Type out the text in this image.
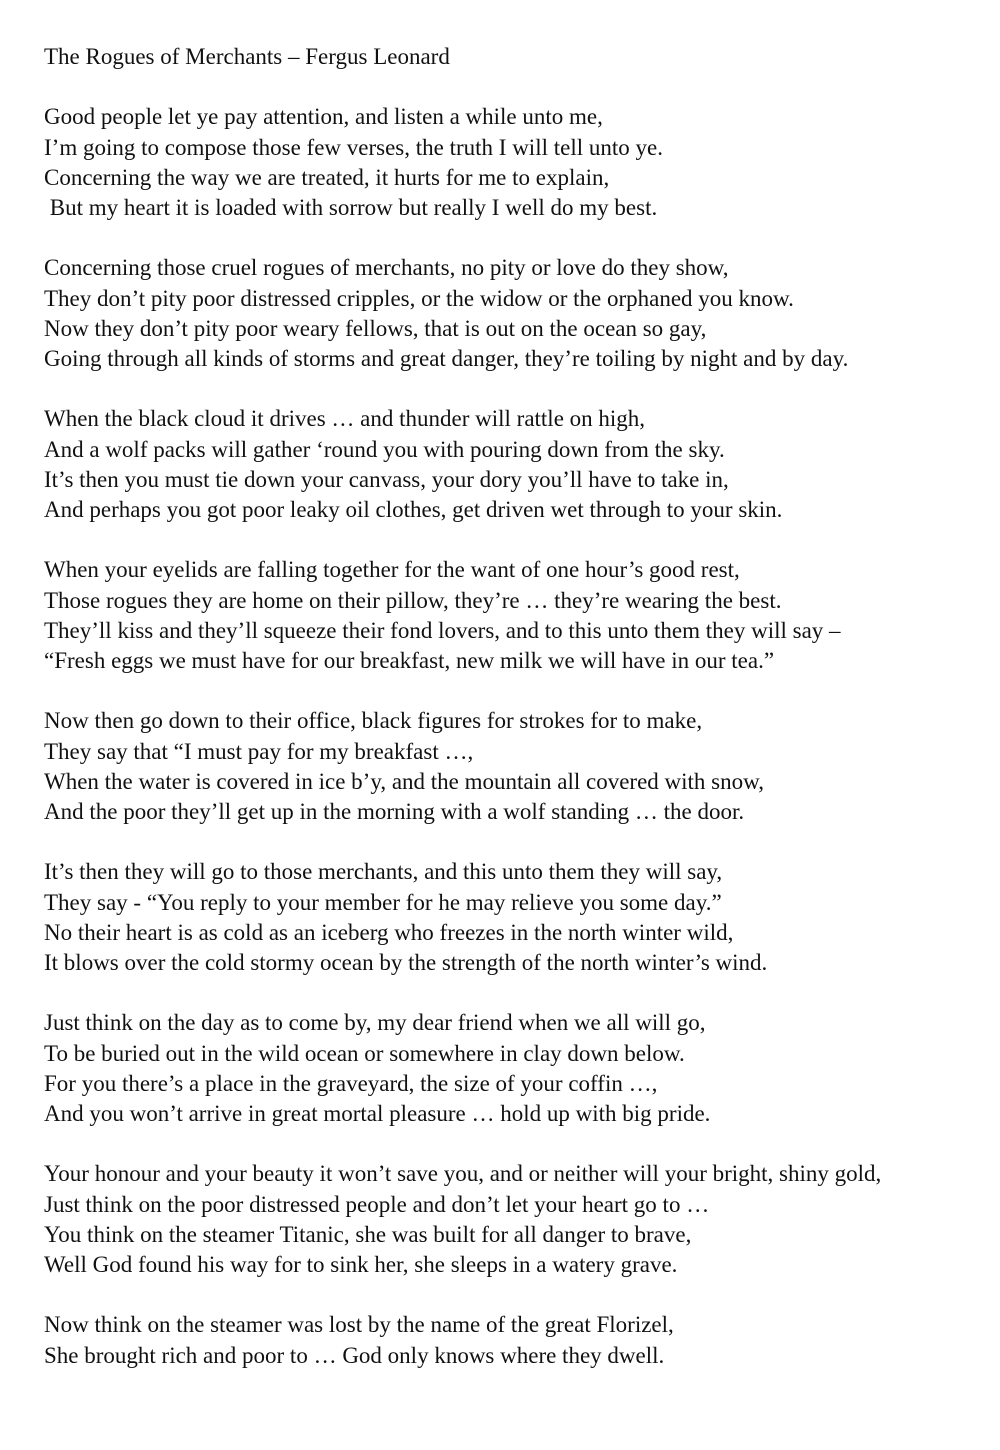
The Rogues of Merchants – Fergus Leonard
Good people let ye pay attention, and listen a while unto me,
I’m going to compose those few verses, the truth I will tell unto ye.
Concerning the way we are treated, it hurts for me to explain,
But my heart it is loaded with sorrow but really I well do my best.
Concerning those cruel rogues of merchants, no pity or love do they show,
They don’t pity poor distressed cripples, or the widow or the orphaned you know.
Now they don’t pity poor weary fellows, that is out on the ocean so gay,
Going through all kinds of storms and great danger, they’re toiling by night and by day.
When the black cloud it drives … and thunder will rattle on high,
And a wolf packs will gather ‘round you with pouring down from the sky.
It’s then you must tie down your canvass, your dory you’ll have to take in,
And perhaps you got poor leaky oil clothes, get driven wet through to your skin.
When your eyelids are falling together for the want of one hour’s good rest,
Those rogues they are home on their pillow, they’re … they’re wearing the best.
They’ll kiss and they’ll squeeze their fond lovers, and to this unto them they will say –
“Fresh eggs we must have for our breakfast, new milk we will have in our tea.”
Now then go down to their office, black figures for strokes for to make,
They say that “I must pay for my breakfast …,
When the water is covered in ice b’y, and the mountain all covered with snow,
And the poor they’ll get up in the morning with a wolf standing … the door.
It’s then they will go to those merchants, and this unto them they will say,
They say - “You reply to your member for he may relieve you some day.”
No their heart is as cold as an iceberg who freezes in the north winter wild,
It blows over the cold stormy ocean by the strength of the north winter’s wind.
Just think on the day as to come by, my dear friend when we all will go,
To be buried out in the wild ocean or somewhere in clay down below.
For you there’s a place in the graveyard, the size of your coffin …,
And you won’t arrive in great mortal pleasure … hold up with big pride.
Your honour and your beauty it won’t save you, and or neither will your bright, shiny gold,
Just think on the poor distressed people and don’t let your heart go to …
You think on the steamer Titanic, she was built for all danger to brave,
Well God found his way for to sink her, she sleeps in a watery grave.
Now think on the steamer was lost by the name of the great Florizel,
She brought rich and poor to … God only knows where they dwell.
